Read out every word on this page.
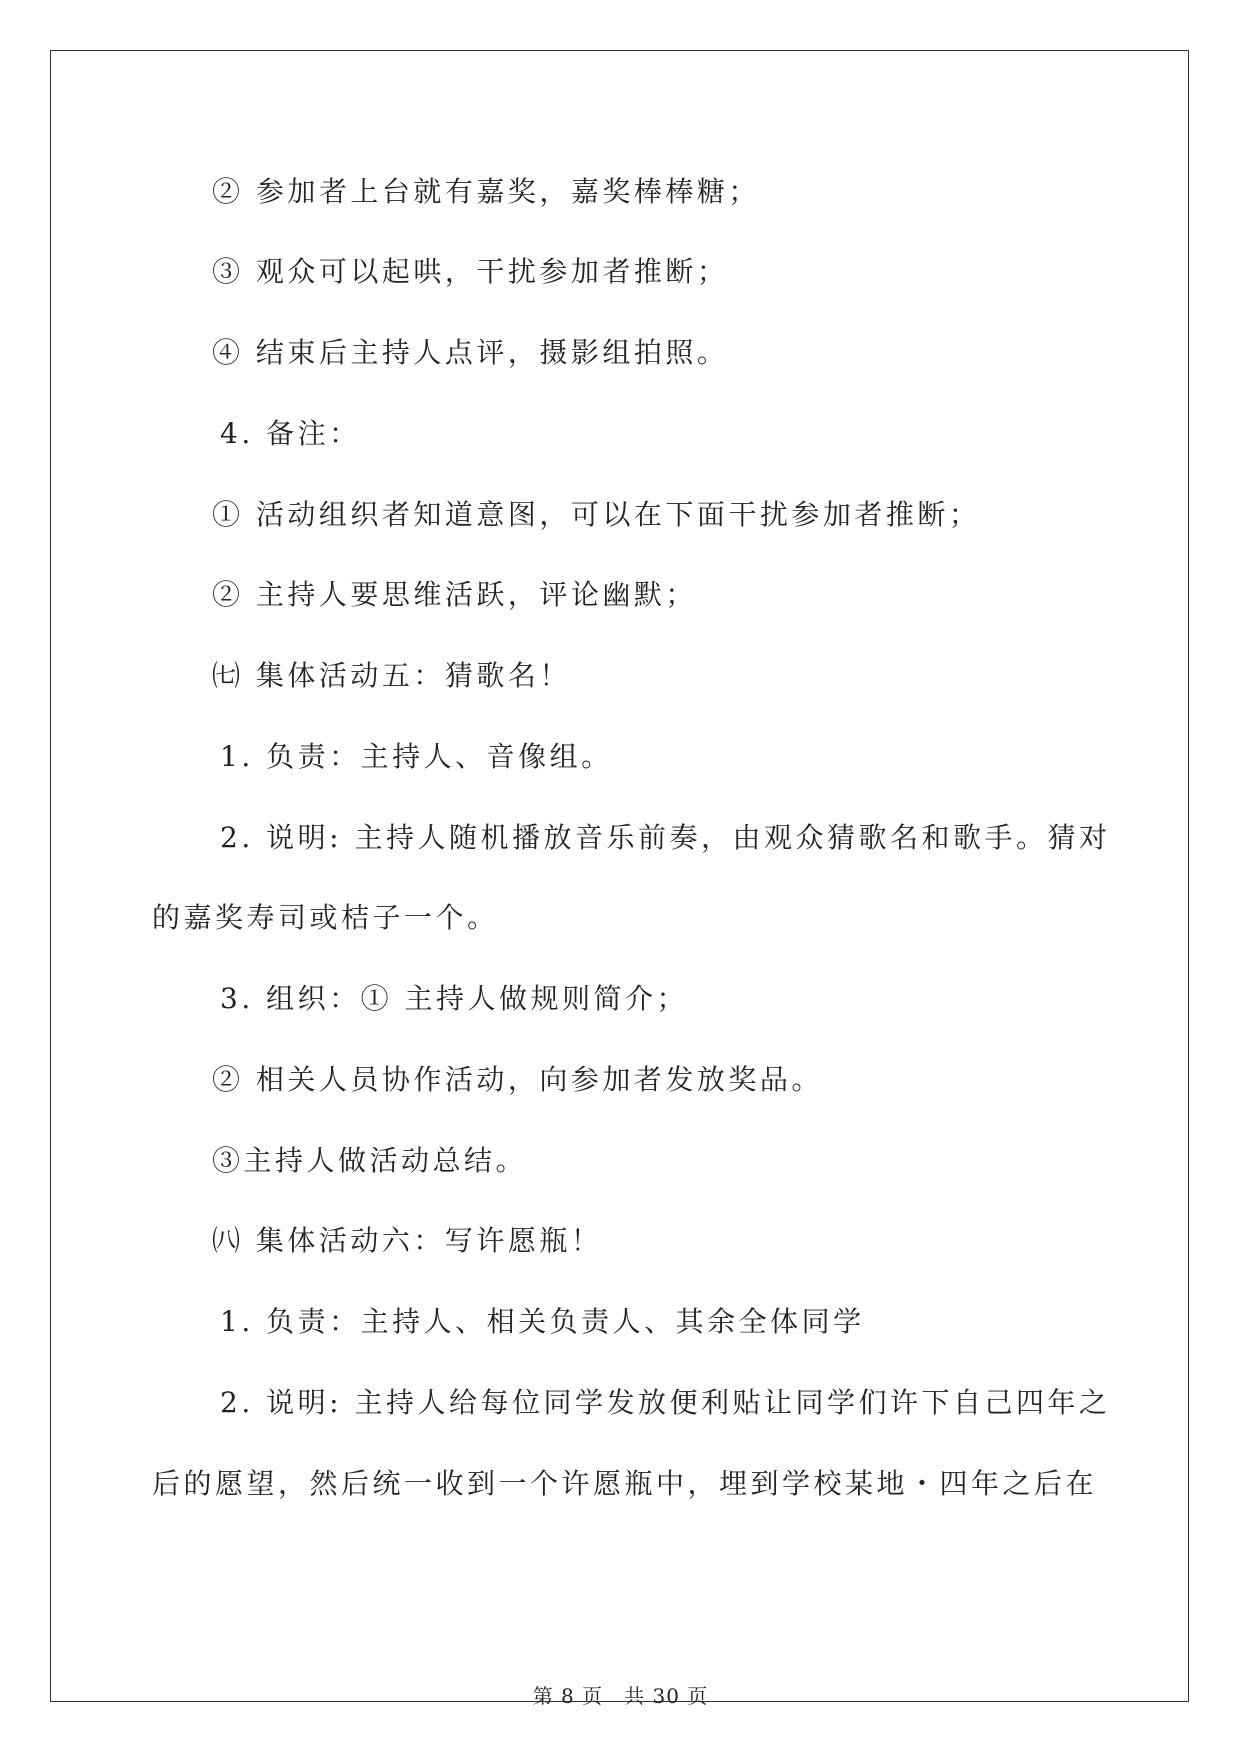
② 参加者上台就有嘉奖，嘉奖棒棒糖；
③ 观众可以起哄，干扰参加者推断；
④ 结束后主持人点评，摄影组拍照。
4. 备注：
① 活动组织者知道意图，可以在下面干扰参加者推断；
② 主持人要思维活跃，评论幽默；
㈦ 集体活动五：猜歌名！
1. 负责：主持人、音像组。
2. 说明: 主持人随机播放音乐前奏，由观众猜歌名和歌手。猜对
的嘉奖寿司或桔子一个。
3. 组织：① 主持人做规则简介；
② 相关人员协作活动，向参加者发放奖品。
③主持人做活动总结。
㈧ 集体活动六：写许愿瓶！
1. 负责：主持人、相关负责人、其余全体同学
2. 说明: 主持人给每位同学发放便利贴让同学们许下自己四年之
后的愿望，然后统一收到一个许愿瓶中，埋到学校某地・四年之后在
第 8 页　共 30 页
